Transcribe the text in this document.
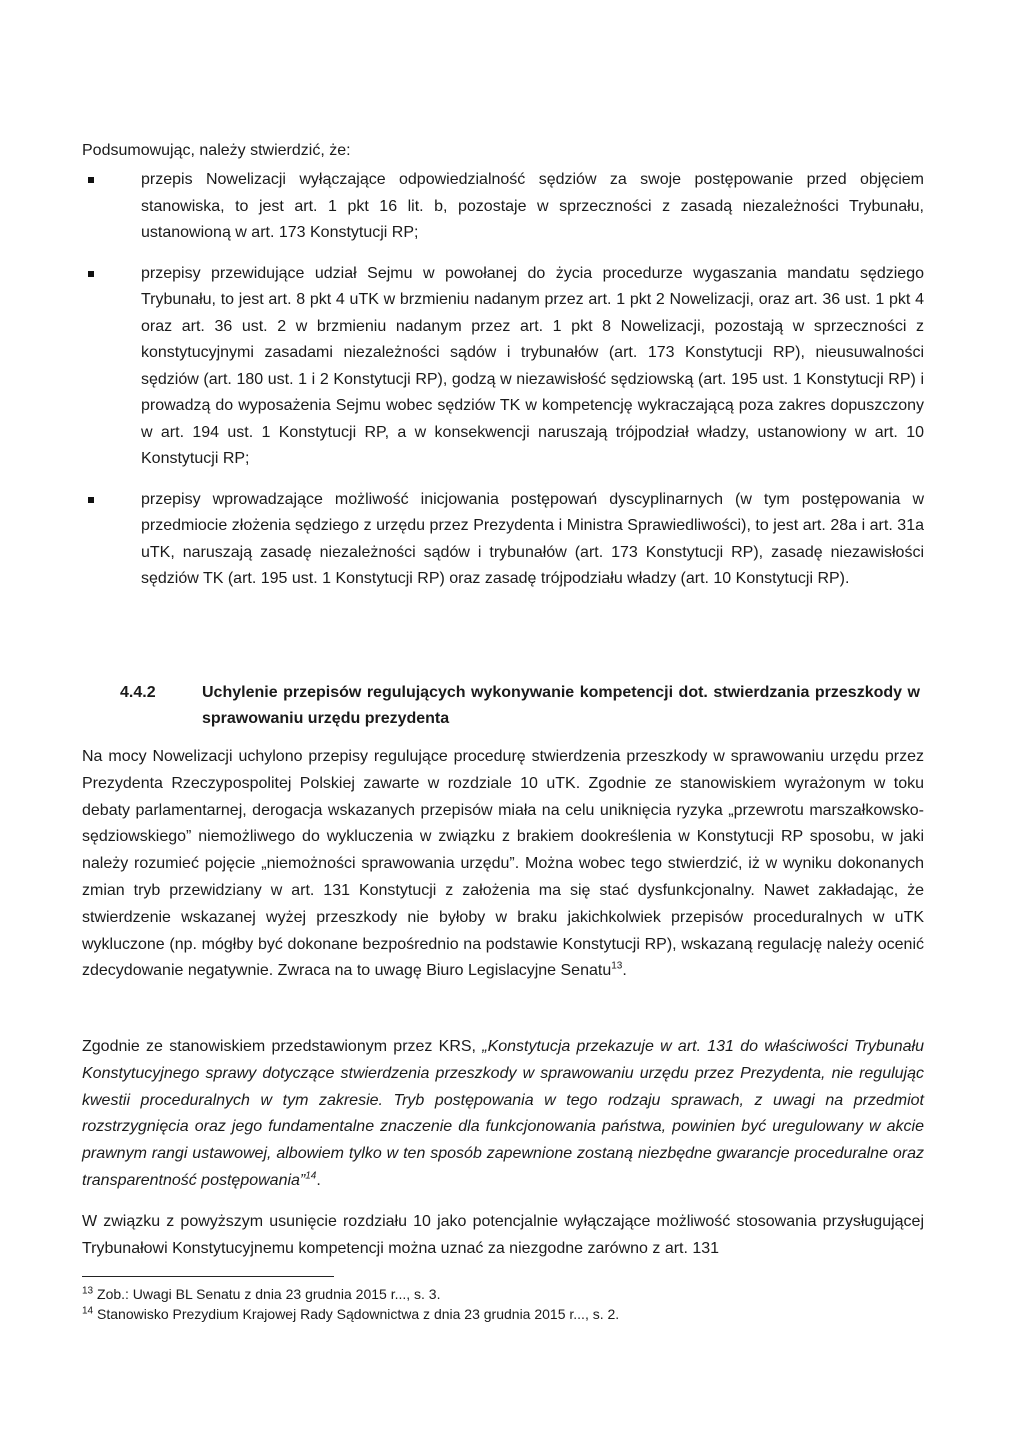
Podsumowując, należy stwierdzić, że:
przepis Nowelizacji wyłączające odpowiedzialność sędziów za swoje postępowanie przed objęciem stanowiska, to jest art. 1 pkt 16 lit. b, pozostaje w sprzeczności z zasadą niezależności Trybunału, ustanowioną w art. 173 Konstytucji RP;
przepisy przewidujące udział Sejmu w powołanej do życia procedurze wygaszania mandatu sędziego Trybunału, to jest art. 8 pkt 4 uTK w brzmieniu nadanym przez art. 1 pkt 2 Nowelizacji, oraz art. 36 ust. 1 pkt 4 oraz art. 36 ust. 2 w brzmieniu nadanym przez art. 1 pkt 8 Nowelizacji, pozostają w sprzeczności z konstytucyjnymi zasadami niezależności sądów i trybunałów (art. 173 Konstytucji RP), nieusuwalności sędziów (art. 180 ust. 1 i 2 Konstytucji RP), godzą w niezawisłość sędziowską (art. 195 ust. 1 Konstytucji RP) i prowadzą do wyposażenia Sejmu wobec sędziów TK w kompetencję wykraczającą poza zakres dopuszczony w art. 194 ust. 1 Konstytucji RP, a w konsekwencji naruszają trójpodział władzy, ustanowiony w art. 10 Konstytucji RP;
przepisy wprowadzające możliwość inicjowania postępowań dyscyplinarnych (w tym postępowania w przedmiocie złożenia sędziego z urzędu przez Prezydenta i Ministra Sprawiedliwości), to jest art. 28a i art. 31a uTK, naruszają zasadę niezależności sądów i trybunałów (art. 173 Konstytucji RP), zasadę niezawisłości sędziów TK (art. 195 ust. 1 Konstytucji RP) oraz zasadę trójpodziału władzy (art. 10 Konstytucji RP).
4.4.2	Uchylenie przepisów regulujących wykonywanie kompetencji dot. stwierdzania przeszkody w sprawowaniu urzędu prezydenta

Na mocy Nowelizacji uchylono przepisy regulujące procedurę stwierdzenia przeszkody w sprawowaniu urzędu przez Prezydenta Rzeczypospolitej Polskiej zawarte w rozdziale 10 uTK. Zgodnie ze stanowiskiem wyrażonym w toku debaty parlamentarnej, derogacja wskazanych przepisów miała na celu uniknięcia ryzyka „przewrotu marszałkowsko-sędziowskiego” niemożliwego do wykluczenia w związku z brakiem dookreślenia w Konstytucji RP sposobu, w jaki należy rozumieć pojęcie „niemożności sprawowania urzędu”. Można wobec tego stwierdzić, iż w wyniku dokonanych zmian tryb przewidziany w art. 131 Konstytucji z założenia ma się stać dysfunkcjonalny. Nawet zakładając, że stwierdzenie wskazanej wyżej przeszkody nie byłoby w braku jakichkolwiek przepisów proceduralnych w uTK wykluczone (np. mógłby być dokonane bezpośrednio na podstawie Konstytucji RP), wskazaną regulację należy ocenić zdecydowanie negatywnie. Zwraca na to uwagę Biuro Legislacyjne Senatu$^{13}$.

Zgodnie ze stanowiskiem przedstawionym przez KRS, „Konstytucja przekazuje w art. 131 do właściwości Trybunału Konstytucyjnego sprawy dotyczące stwierdzenia przeszkody w sprawowaniu urzędu przez Prezydenta, nie regulując kwestii proceduralnych w tym zakresie. Tryb postępowania w tego rodzaju sprawach, z uwagi na przedmiot rozstrzygnięcia oraz jego fundamentalne znaczenie dla funkcjonowania państwa, powinien być uregulowany w akcie prawnym rangi ustawowej, albowiem tylko w ten sposób zapewnione zostaną niezbędne gwarancje proceduralne oraz transparentność postępowania”$^{14}$.

W związku z powyższym usunięcie rozdziału 10 jako potencjalnie wyłączające możliwość stosowania przysługującej Trybunałowi Konstytucyjnemu kompetencji można uznać za niezgodne zarówno z art. 131

$^{13}$ Zob.: Uwagi BL Senatu z dnia 23 grudnia 2015 r..., s. 3.

$^{14}$ Stanowisko Prezydium Krajowej Rady Sądownictwa z dnia 23 grudnia 2015 r..., s. 2.
